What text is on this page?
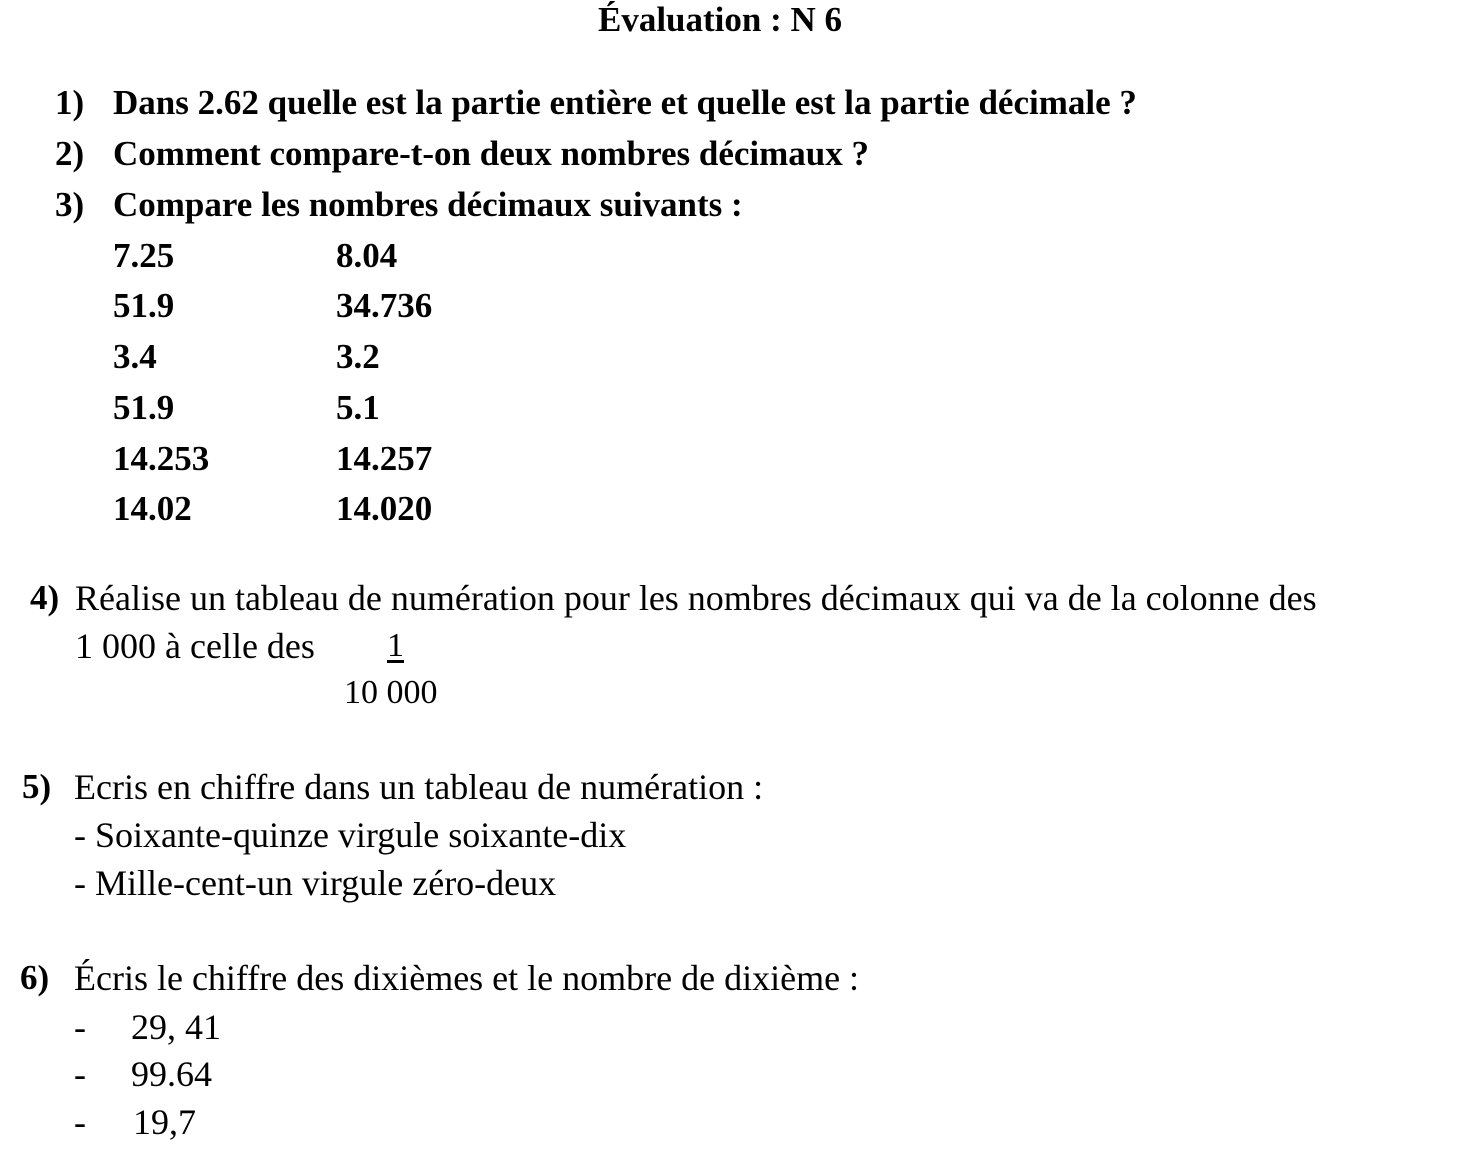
Évaluation : N 6
1) Dans 2.62 quelle est la partie entière et quelle est la partie décimale ?
2) Comment compare-t-on deux nombres décimaux ?
3) Compare les nombres décimaux suivants :
7.25	8.04
51.9	34.736
3.4	3.2
51.9	5.1
14.253	14.257
14.02	14.020
4) Réalise un tableau de numération pour les nombres décimaux qui va de la colonne des
1 000 à celle des 1
10 000
5) Ecris en chiffre dans un tableau de numération :
- Soixante-quinze virgule soixante-dix
- Mille-cent-un virgule zéro-deux
6) Écris le chiffre des dixièmes et le nombre de dixième :
- 29, 41
- 99.64
- 19,7
